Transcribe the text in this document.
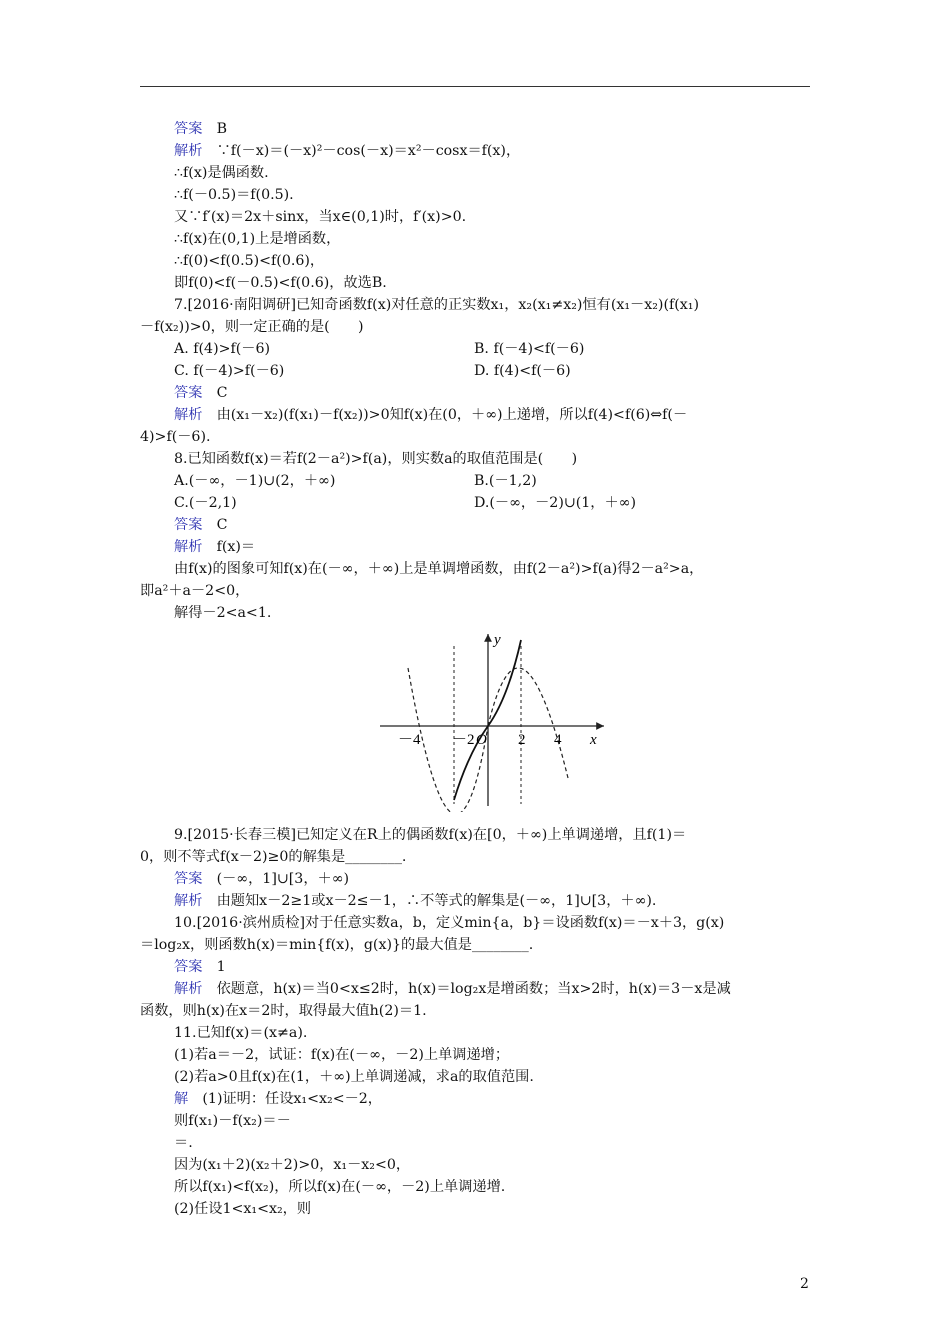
答案　B
解析　∵f(－x)＝(－x)²－cos(－x)＝x²－cosx＝f(x)，
∴f(x)是偶函数.
∴f(－0.5)＝f(0.5).
又∵f′(x)＝2x＋sinx，当x∈(0,1)时，f′(x)>0.
∴f(x)在(0,1)上是增函数，
∴f(0)<f(0.5)<f(0.6)，
即f(0)<f(－0.5)<f(0.6)，故选B.
7.[2016·南阳调研]已知奇函数f(x)对任意的正实数x₁，x₂(x₁≠x₂)恒有(x₁－x₂)(f(x₁)
－f(x₂))>0，则一定正确的是(　　)
A. f(4)>f(－6)	B. f(－4)<f(－6)
C. f(－4)>f(－6)	D. f(4)<f(－6)
答案　C
解析　由(x₁－x₂)(f(x₁)－f(x₂))>0知f(x)在(0，＋∞)上递增，所以f(4)<f(6)⇔f(－
4)>f(－6).
8.已知函数f(x)＝若f(2－a²)>f(a)，则实数a的取值范围是(　　)
A.(－∞，－1)∪(2，＋∞)	B.(－1,2)
C.(－2,1)	D.(－∞，－2)∪(1，＋∞)
答案　C
解析　f(x)＝
由f(x)的图象可知f(x)在(－∞，＋∞)上是单调增函数，由f(2－a²)>f(a)得2－a²>a，
即a²＋a－2<0，
解得－2<a<1.
9.[2015·长春三模]已知定义在R上的偶函数f(x)在[0，＋∞)上单调递增，且f(1)＝
0，则不等式f(x－2)≥0的解集是________.
答案　(－∞，1]∪[3，＋∞)
解析　由题知x－2≥1或x－2≤－1，∴不等式的解集是(－∞，1]∪[3，＋∞).
10.[2016·滨州质检]对于任意实数a，b，定义min{a，b}＝设函数f(x)＝－x＋3，g(x)
＝log₂x，则函数h(x)＝min{f(x)，g(x)}的最大值是________.
答案　1
解析　依题意，h(x)＝当0<x≤2时，h(x)＝log₂x是增函数；当x>2时，h(x)＝3－x是减
函数，则h(x)在x＝2时，取得最大值h(2)＝1.
11.已知f(x)＝(x≠a).
(1)若a＝－2，试证：f(x)在(－∞，－2)上单调递增；
(2)若a>0且f(x)在(1，＋∞)上单调递减，求a的取值范围.
解　(1)证明：任设x₁<x₂<－2，
则f(x₁)－f(x₂)＝－
＝.
因为(x₁＋2)(x₂＋2)>0，x₁－x₂<0，
所以f(x₁)<f(x₂)，所以f(x)在(－∞，－2)上单调递增.
(2)任设1<x₁<x₂，则
y
x
O
－4 －2	2 4
2
